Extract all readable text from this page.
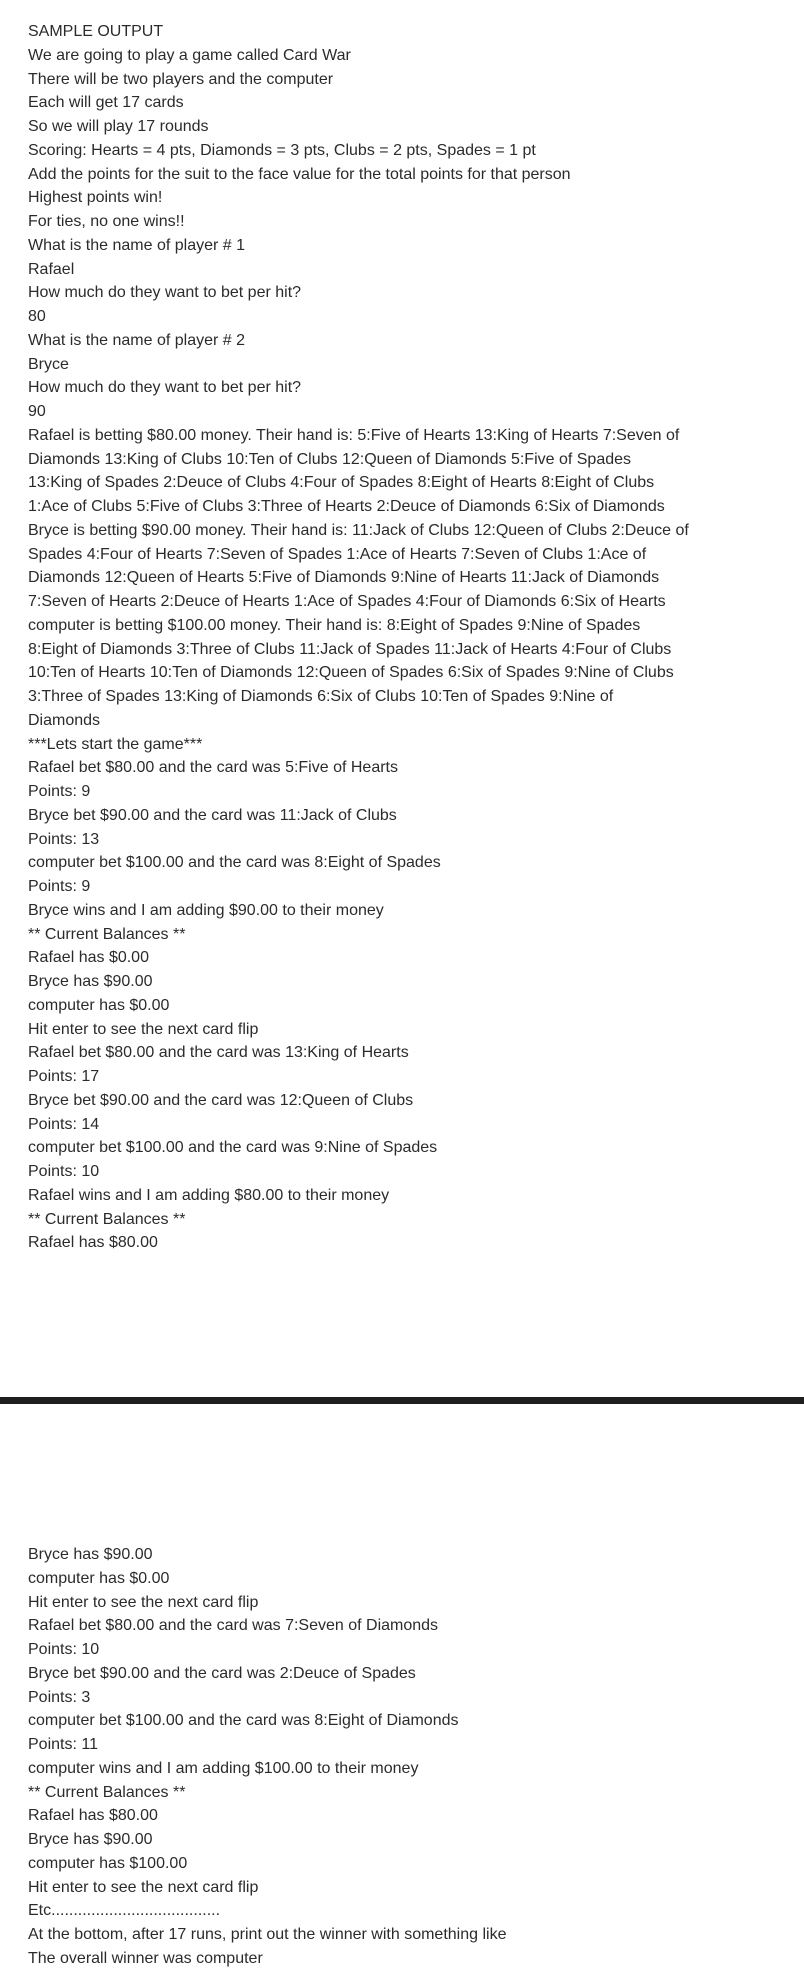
SAMPLE OUTPUT
We are going to play a game called Card War
There will be two players and the computer
Each will get 17 cards
So we will play 17 rounds
Scoring: Hearts = 4 pts, Diamonds = 3 pts, Clubs = 2 pts, Spades = 1 pt
Add the points for the suit to the face value for the total points for that person
Highest points win!
For ties, no one wins!!
What is the name of player # 1
Rafael
How much do they want to bet per hit?
80
What is the name of player # 2
Bryce
How much do they want to bet per hit?
90
Rafael is betting $80.00 money. Their hand is: 5:Five of Hearts 13:King of Hearts 7:Seven of
Diamonds 13:King of Clubs 10:Ten of Clubs 12:Queen of Diamonds 5:Five of Spades
13:King of Spades 2:Deuce of Clubs 4:Four of Spades 8:Eight of Hearts 8:Eight of Clubs
1:Ace of Clubs 5:Five of Clubs 3:Three of Hearts 2:Deuce of Diamonds 6:Six of Diamonds
Bryce is betting $90.00 money. Their hand is: 11:Jack of Clubs 12:Queen of Clubs 2:Deuce of
Spades 4:Four of Hearts 7:Seven of Spades 1:Ace of Hearts 7:Seven of Clubs 1:Ace of
Diamonds 12:Queen of Hearts 5:Five of Diamonds 9:Nine of Hearts 11:Jack of Diamonds
7:Seven of Hearts 2:Deuce of Hearts 1:Ace of Spades 4:Four of Diamonds 6:Six of Hearts
computer is betting $100.00 money. Their hand is: 8:Eight of Spades 9:Nine of Spades
8:Eight of Diamonds 3:Three of Clubs 11:Jack of Spades 11:Jack of Hearts 4:Four of Clubs
10:Ten of Hearts 10:Ten of Diamonds 12:Queen of Spades 6:Six of Spades 9:Nine of Clubs
3:Three of Spades 13:King of Diamonds 6:Six of Clubs 10:Ten of Spades 9:Nine of
Diamonds
***Lets start the game***
Rafael bet $80.00 and the card was 5:Five of Hearts
Points: 9
Bryce bet $90.00 and the card was 11:Jack of Clubs
Points: 13
computer bet $100.00 and the card was 8:Eight of Spades
Points: 9
Bryce wins and I am adding $90.00 to their money
** Current Balances **
Rafael has $0.00
Bryce has $90.00
computer has $0.00
Hit enter to see the next card flip
Rafael bet $80.00 and the card was 13:King of Hearts
Points: 17
Bryce bet $90.00 and the card was 12:Queen of Clubs
Points: 14
computer bet $100.00 and the card was 9:Nine of Spades
Points: 10
Rafael wins and I am adding $80.00 to their money
** Current Balances **
Rafael has $80.00
Bryce has $90.00
computer has $0.00
Hit enter to see the next card flip
Rafael bet $80.00 and the card was 7:Seven of Diamonds
Points: 10
Bryce bet $90.00 and the card was 2:Deuce of Spades
Points: 3
computer bet $100.00 and the card was 8:Eight of Diamonds
Points: 11
computer wins and I am adding $100.00 to their money
** Current Balances **
Rafael has $80.00
Bryce has $90.00
computer has $100.00
Hit enter to see the next card flip
Etc......................................
At the bottom, after 17 runs, print out the winner with something like
The overall winner was computer
